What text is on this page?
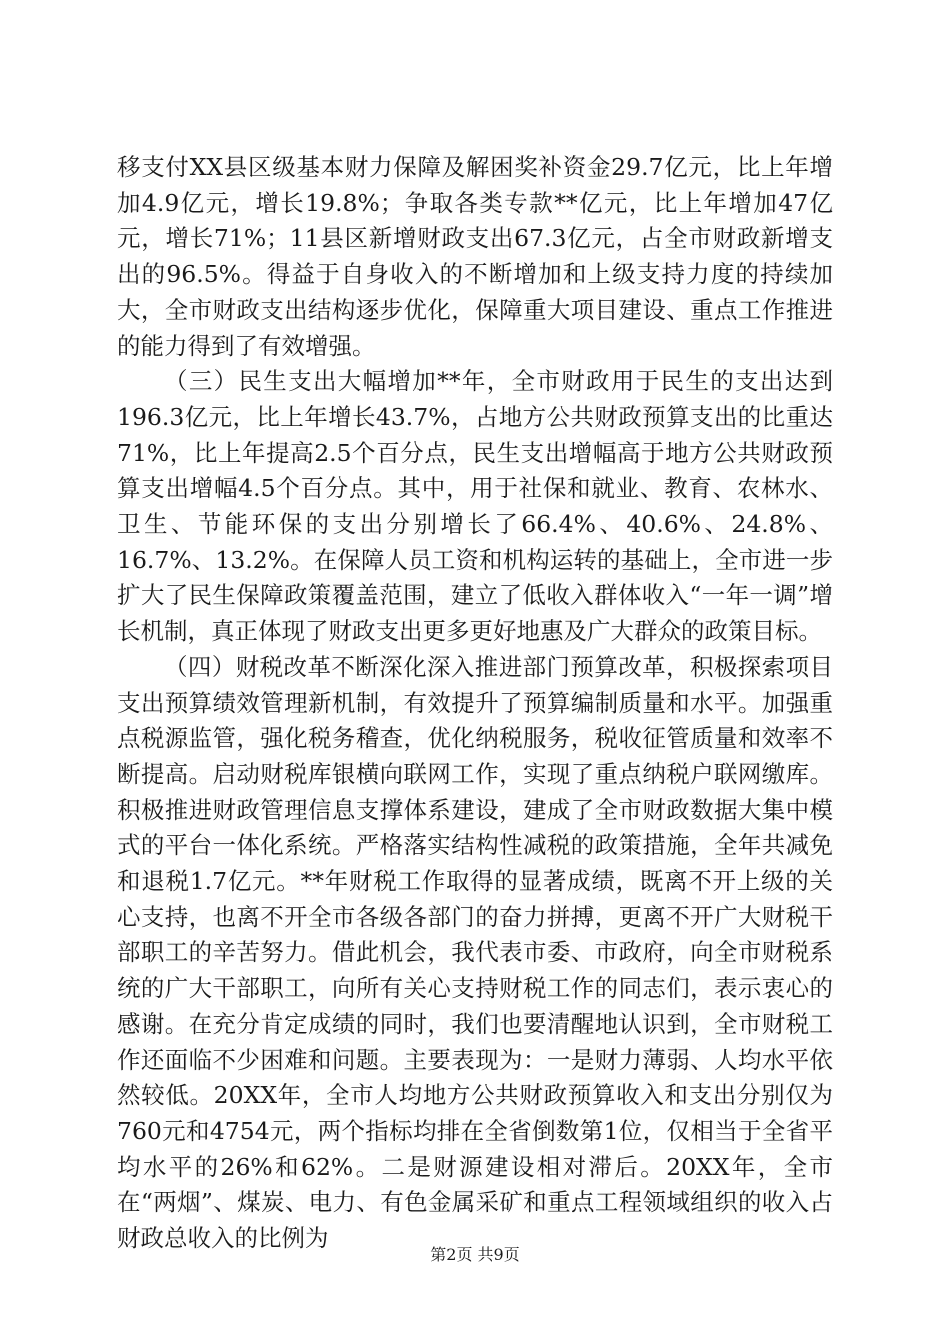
移支付XX县区级基本财力保障及解困奖补资金29.7亿元，比上年增加4.9亿元，增长19.8%；争取各类专款**亿元，比上年增加47亿元，增长71%；11县区新增财政支出67.3亿元，占全市财政新增支出的96.5%。得益于自身收入的不断增加和上级支持力度的持续加大，全市财政支出结构逐步优化，保障重大项目建设、重点工作推进的能力得到了有效增强。

（三）民生支出大幅增加**年，全市财政用于民生的支出达到196.3亿元，比上年增长43.7%，占地方公共财政预算支出的比重达71%，比上年提高2.5个百分点，民生支出增幅高于地方公共财政预算支出增幅4.5个百分点。其中，用于社保和就业、教育、农林水、卫生、节能环保的支出分别增长了66.4%、40.6%、24.8%、16.7%、13.2%。在保障人员工资和机构运转的基础上，全市进一步扩大了民生保障政策覆盖范围，建立了低收入群体收入“一年一调”增长机制，真正体现了财政支出更多更好地惠及广大群众的政策目标。

（四）财税改革不断深化深入推进部门预算改革，积极探索项目支出预算绩效管理新机制，有效提升了预算编制质量和水平。加强重点税源监管，强化税务稽查，优化纳税服务，税收征管质量和效率不断提高。启动财税库银横向联网工作，实现了重点纳税户联网缴库。积极推进财政管理信息支撑体系建设，建成了全市财政数据大集中模式的平台一体化系统。严格落实结构性减税的政策措施，全年共减免和退税1.7亿元。**年财税工作取得的显著成绩，既离不开上级的关心支持，也离不开全市各级各部门的奋力拼搏，更离不开广大财税干部职工的辛苦努力。借此机会，我代表市委、市政府，向全市财税系统的广大干部职工，向所有关心支持财税工作的同志们，表示衷心的感谢。在充分肯定成绩的同时，我们也要清醒地认识到，全市财税工作还面临不少困难和问题。主要表现为：一是财力薄弱、人均水平依然较低。20XX年，全市人均地方公共财政预算收入和支出分别仅为760元和4754元，两个指标均排在全省倒数第1位，仅相当于全省平均水平的26%和62%。二是财源建设相对滞后。20XX年，全市在“两烟”、煤炭、电力、有色金属采矿和重点工程领域组织的收入占财政总收入的比例为

第2页 共9页
